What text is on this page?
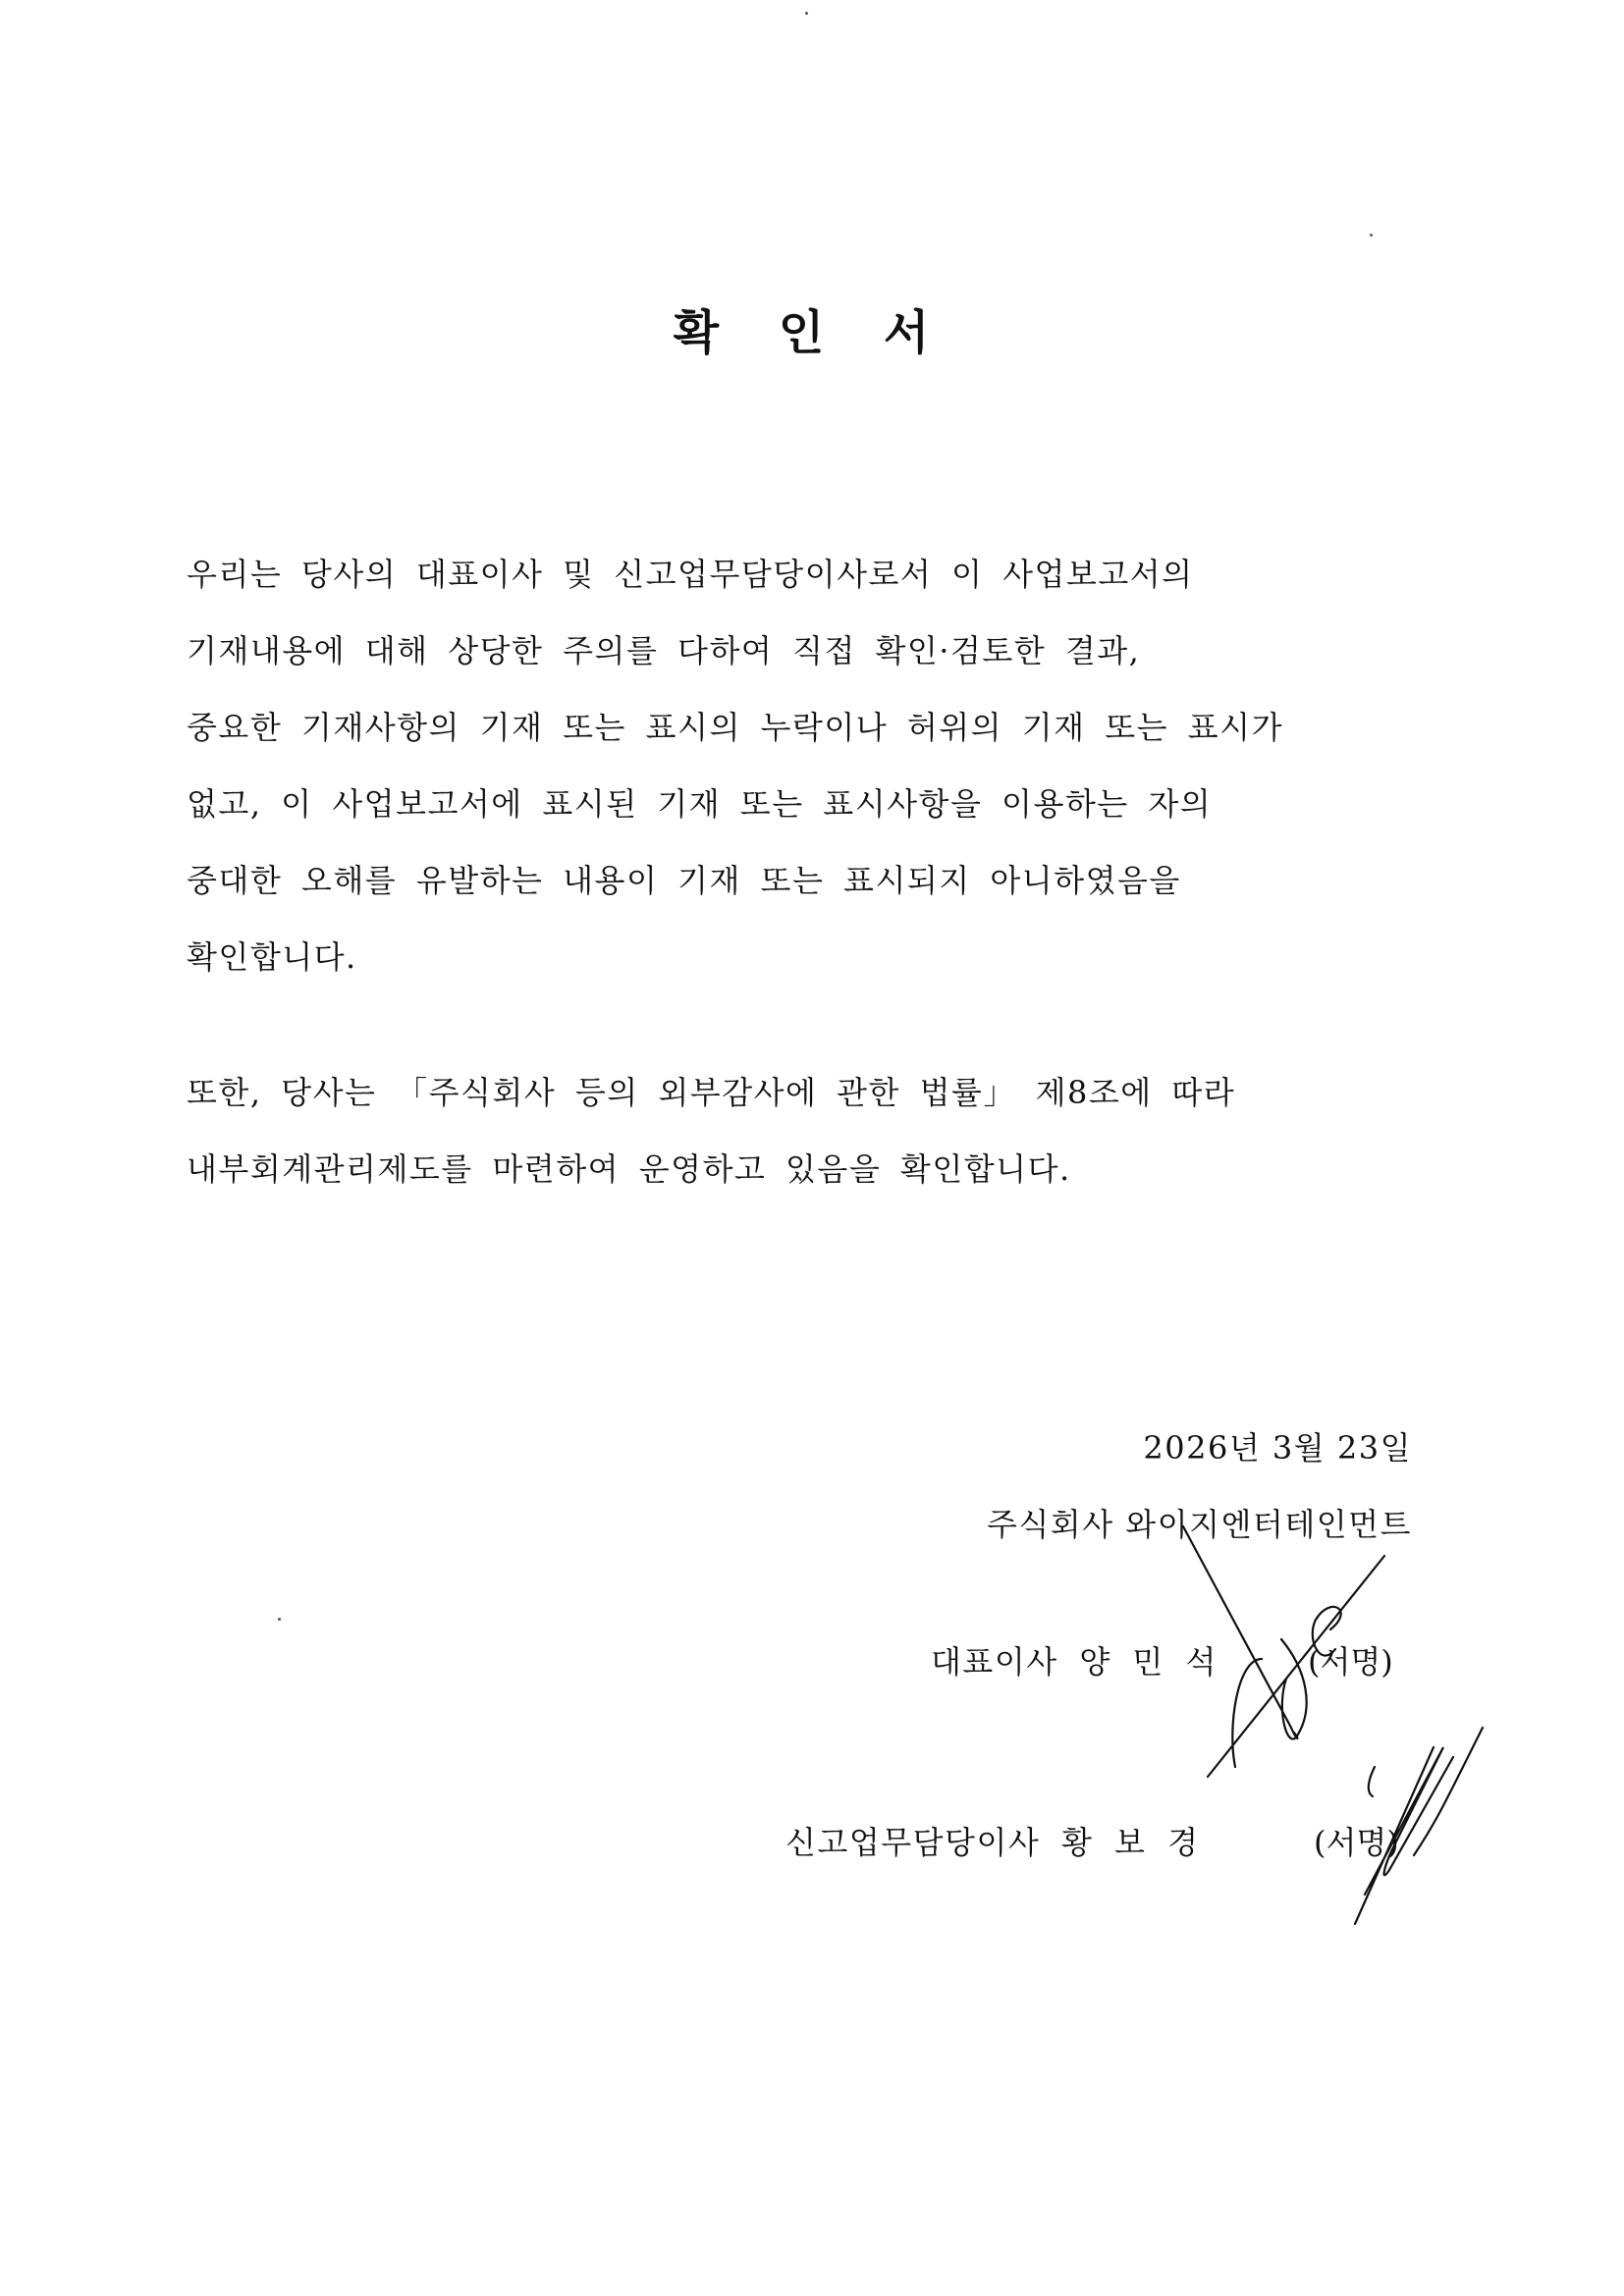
확 인 서
우리는 당사의 대표이사 및 신고업무담당이사로서 이 사업보고서의
기재내용에 대해 상당한 주의를 다하여 직접 확인·검토한 결과,
중요한 기재사항의 기재 또는 표시의 누락이나 허위의 기재 또는 표시가
없고, 이 사업보고서에 표시된 기재 또는 표시사항을 이용하는 자의
중대한 오해를 유발하는 내용이 기재 또는 표시되지 아니하였음을
확인합니다.
또한, 당사는 「주식회사 등의 외부감사에 관한 법률」 제8조에 따라
내부회계관리제도를 마련하여 운영하고 있음을 확인합니다.
2026년 3월 23일
주식회사 와이지엔터테인먼트
대표이사 양 민 석	(서명)
신고업무담당이사 황 보 경	(서명)
